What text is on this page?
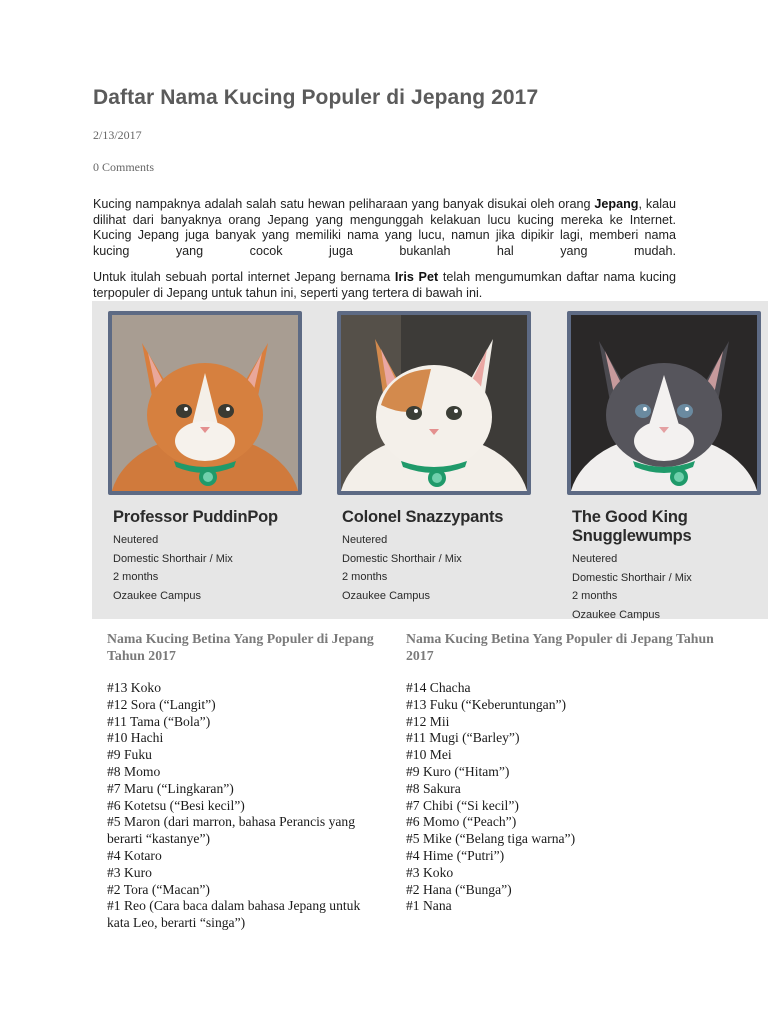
Daftar Nama Kucing Populer di Jepang 2017
2/13/2017
0 Comments

Kucing nampaknya adalah salah satu hewan peliharaan yang banyak disukai oleh orang Jepang, kalau dilihat dari banyaknya orang Jepang yang mengunggah kelakuan lucu kucing mereka ke Internet. Kucing Jepang juga banyak yang memiliki nama yang lucu, namun jika dipikir lagi, memberi nama kucing yang cocok juga bukanlah hal yang mudah.

Untuk itulah sebuah portal internet Jepang bernama Iris Pet telah mengumumkan daftar nama kucing terpopuler di Jepang untuk tahun ini, seperti yang tertera di bawah ini.

Professor PuddinPop
Neutered
Domestic Shorthair / Mix
2 months
Ozaukee Campus
Colonel Snazzypants
Neutered
Domestic Shorthair / Mix
2 months
Ozaukee Campus
The Good King Snugglewumps
Neutered
Domestic Shorthair / Mix
2 months
Ozaukee Campus
Nama Kucing Betina Yang Populer di Jepang Tahun 2017
#13 Koko
#12 Sora (“Langit”)
#11 Tama (“Bola”)
#10 Hachi
#9 Fuku
#8 Momo
#7 Maru (“Lingkaran”)
#6 Kotetsu (“Besi kecil”)
#5 Maron (dari marron, bahasa Perancis yang berarti “kastanye”)
#4 Kotaro
#3 Kuro
#2 Tora (“Macan”)
#1 Reo (Cara baca dalam bahasa Jepang untuk kata Leo, berarti “singa”)
Nama Kucing Betina Yang Populer di Jepang Tahun 2017
#14 Chacha
#13 Fuku (“Keberuntungan”)
#12 Mii
#11 Mugi (“Barley”)
#10 Mei
#9 Kuro (“Hitam”)
#8 Sakura
#7 Chibi (“Si kecil”)
#6 Momo (“Peach”)
#5 Mike (“Belang tiga warna”)
#4 Hime (“Putri”)
#3 Koko
#2 Hana (“Bunga”)
#1 Nana
